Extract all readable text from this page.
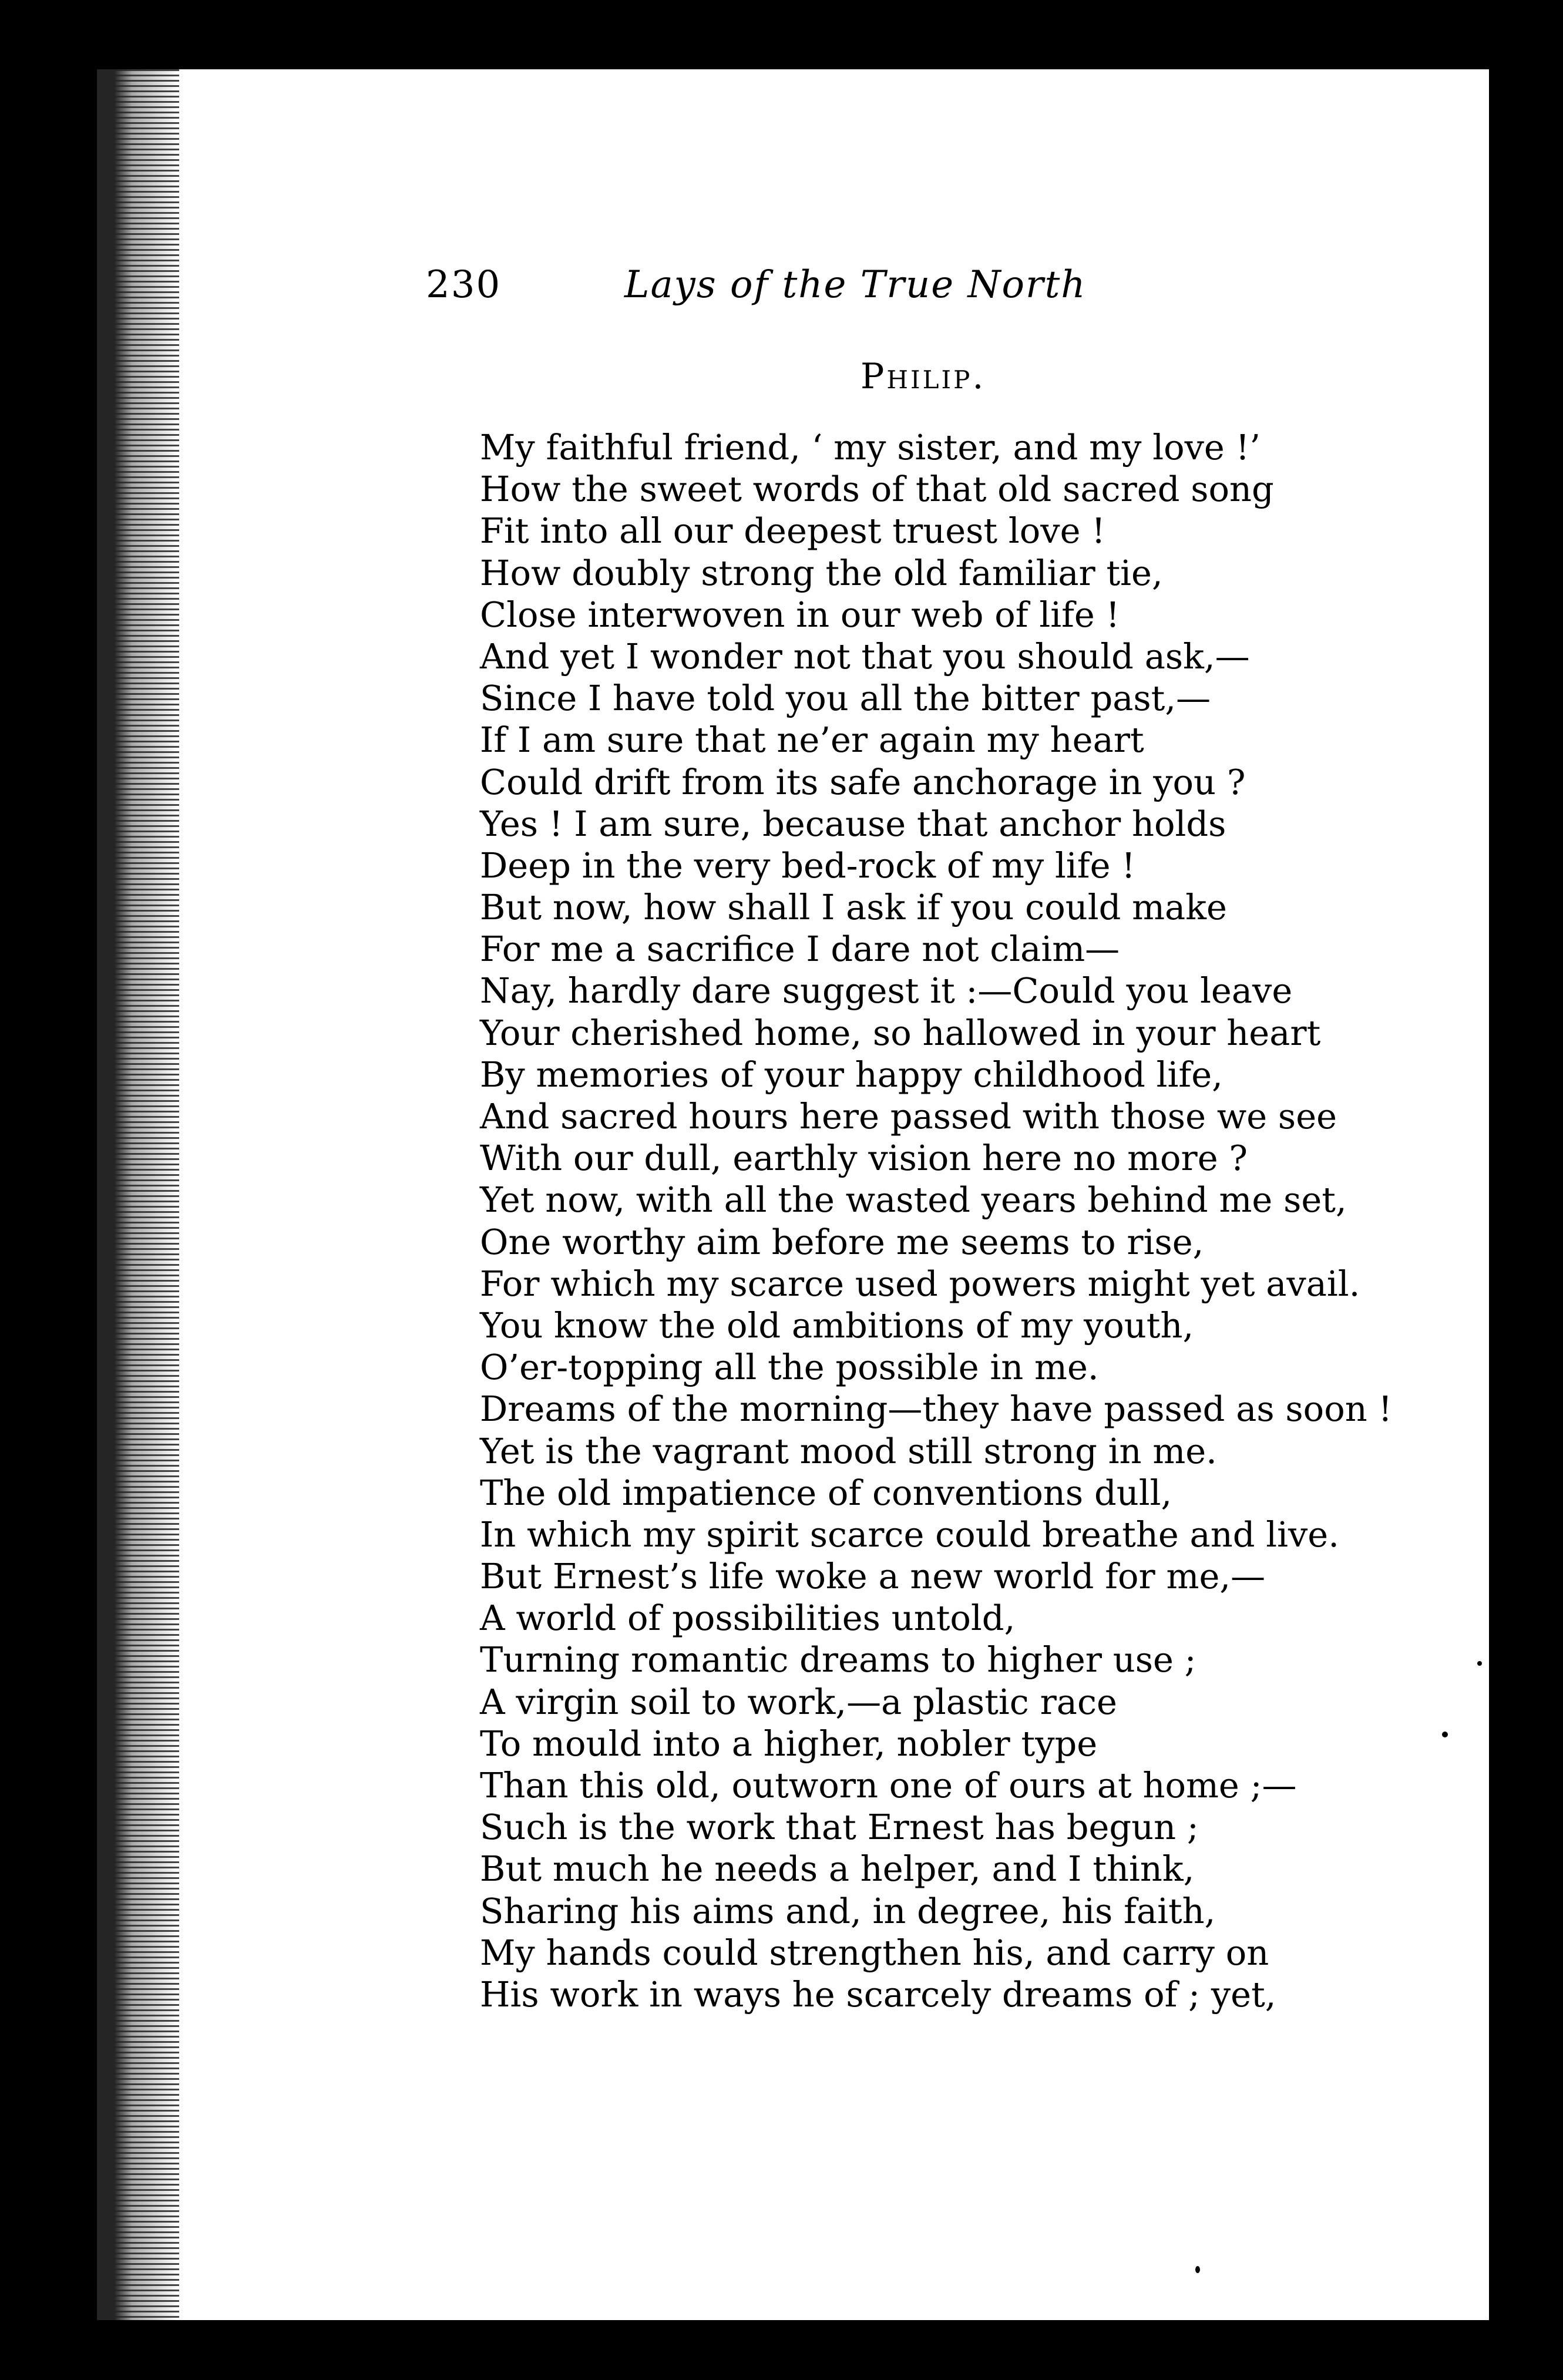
230	Lays of the True North
Philip.
My faithful friend, ‘ my sister, and my love !’
How the sweet words of that old sacred song
Fit into all our deepest truest love !
How doubly strong the old familiar tie,
Close interwoven in our web of life !
And yet I wonder not that you should ask,—
Since I have told you all the bitter past,—
If I am sure that ne’er again my heart
Could drift from its safe anchorage in you ?
Yes ! I am sure, because that anchor holds
Deep in the very bed-rock of my life !
But now, how shall I ask if you could make
For me a sacrifice I dare not claim—
Nay, hardly dare suggest it :—Could you leave
Your cherished home, so hallowed in your heart
By memories of your happy childhood life,
And sacred hours here passed with those we see
With our dull, earthly vision here no more ?
Yet now, with all the wasted years behind me set,
One worthy aim before me seems to rise,
For which my scarce used powers might yet avail.
You know the old ambitions of my youth,
O’er-topping all the possible in me.
Dreams of the morning—they have passed as soon !
Yet is the vagrant mood still strong in me.
The old impatience of conventions dull,
In which my spirit scarce could breathe and live.
But Ernest’s life woke a new world for me,—
A world of possibilities untold,
Turning romantic dreams to higher use ;
A virgin soil to work,—a plastic race
To mould into a higher, nobler type
Than this old, outworn one of ours at home ;—
Such is the work that Ernest has begun ;
But much he needs a helper, and I think,
Sharing his aims and, in degree, his faith,
My hands could strengthen his, and carry on
His work in ways he scarcely dreams of ; yet,
